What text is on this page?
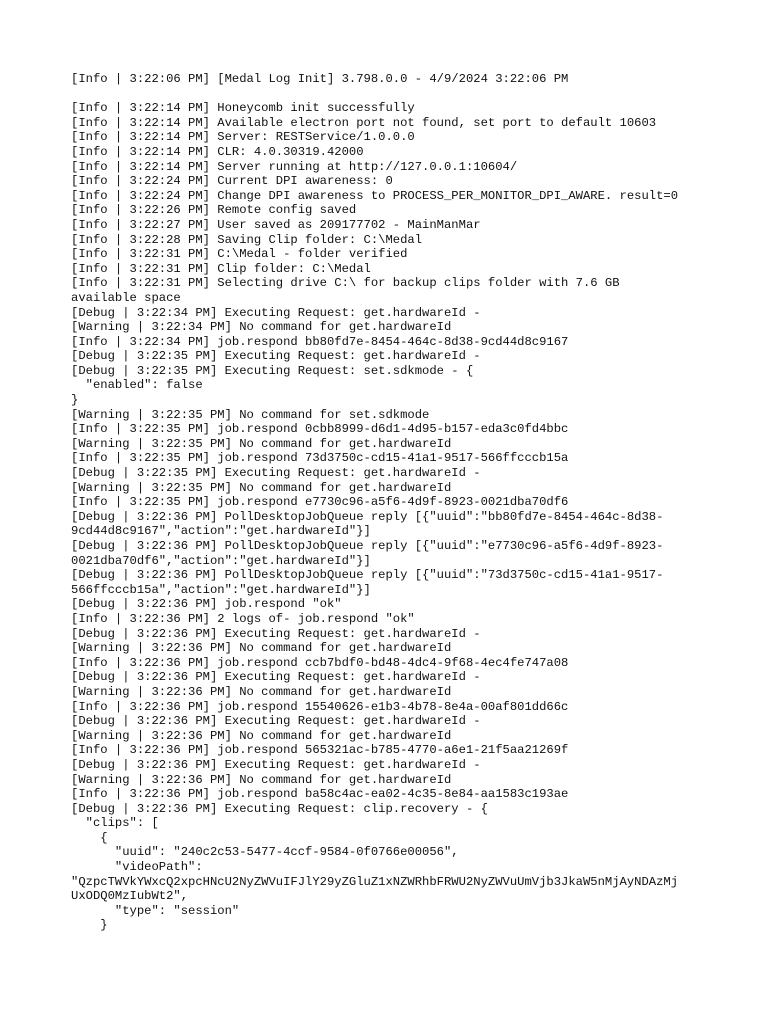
[Info | 3:22:06 PM] [Medal Log Init] 3.798.0.0 - 4/9/2024 3:22:06 PM
[Info | 3:22:14 PM] Honeycomb init successfully
[Info | 3:22:14 PM] Available electron port not found, set port to default 10603
[Info | 3:22:14 PM] Server: RESTService/1.0.0.0
[Info | 3:22:14 PM] CLR: 4.0.30319.42000
[Info | 3:22:14 PM] Server running at http://127.0.0.1:10604/
[Info | 3:22:24 PM] Current DPI awareness: 0
[Info | 3:22:24 PM] Change DPI awareness to PROCESS_PER_MONITOR_DPI_AWARE. result=0
[Info | 3:22:26 PM] Remote config saved
[Info | 3:22:27 PM] User saved as 209177702 - MainManMar
[Info | 3:22:28 PM] Saving Clip folder: C:\Medal
[Info | 3:22:31 PM] C:\Medal - folder verified
[Info | 3:22:31 PM] Clip folder: C:\Medal
[Info | 3:22:31 PM] Selecting drive C:\ for backup clips folder with 7.6 GB
available space
[Debug | 3:22:34 PM] Executing Request: get.hardwareId -
[Warning | 3:22:34 PM] No command for get.hardwareId
[Info | 3:22:34 PM] job.respond bb80fd7e-8454-464c-8d38-9cd44d8c9167
[Debug | 3:22:35 PM] Executing Request: get.hardwareId -
[Debug | 3:22:35 PM] Executing Request: set.sdkmode - {
"enabled": false
}
[Warning | 3:22:35 PM] No command for set.sdkmode
[Info | 3:22:35 PM] job.respond 0cbb8999-d6d1-4d95-b157-eda3c0fd4bbc
[Warning | 3:22:35 PM] No command for get.hardwareId
[Info | 3:22:35 PM] job.respond 73d3750c-cd15-41a1-9517-566ffcccb15a
[Debug | 3:22:35 PM] Executing Request: get.hardwareId -
[Warning | 3:22:35 PM] No command for get.hardwareId
[Info | 3:22:35 PM] job.respond e7730c96-a5f6-4d9f-8923-0021dba70df6
[Debug | 3:22:36 PM] PollDesktopJobQueue reply [{"uuid":"bb80fd7e-8454-464c-8d38-
9cd44d8c9167","action":"get.hardwareId"}]
[Debug | 3:22:36 PM] PollDesktopJobQueue reply [{"uuid":"e7730c96-a5f6-4d9f-8923-
0021dba70df6","action":"get.hardwareId"}]
[Debug | 3:22:36 PM] PollDesktopJobQueue reply [{"uuid":"73d3750c-cd15-41a1-9517-
566ffcccb15a","action":"get.hardwareId"}]
[Debug | 3:22:36 PM] job.respond "ok"
[Info | 3:22:36 PM] 2 logs of- job.respond "ok"
[Debug | 3:22:36 PM] Executing Request: get.hardwareId -
[Warning | 3:22:36 PM] No command for get.hardwareId
[Info | 3:22:36 PM] job.respond ccb7bdf0-bd48-4dc4-9f68-4ec4fe747a08
[Debug | 3:22:36 PM] Executing Request: get.hardwareId -
[Warning | 3:22:36 PM] No command for get.hardwareId
[Info | 3:22:36 PM] job.respond 15540626-e1b3-4b78-8e4a-00af801dd66c
[Debug | 3:22:36 PM] Executing Request: get.hardwareId -
[Warning | 3:22:36 PM] No command for get.hardwareId
[Info | 3:22:36 PM] job.respond 565321ac-b785-4770-a6e1-21f5aa21269f
[Debug | 3:22:36 PM] Executing Request: get.hardwareId -
[Warning | 3:22:36 PM] No command for get.hardwareId
[Info | 3:22:36 PM] job.respond ba58c4ac-ea02-4c35-8e84-aa1583c193ae
[Debug | 3:22:36 PM] Executing Request: clip.recovery - {
"clips": [
{
"uuid": "240c2c53-5477-4ccf-9584-0f0766e00056",
"videoPath":
"QzpcTWVkYWxcQ2xpcHNcU2NyZWVuIFJlY29yZGluZ1xNZWRhbFRWU2NyZWVuUmVjb3JkaW5nMjAyNDAzMj
UxODQ0MzIubWt2",
"type": "session"
}
